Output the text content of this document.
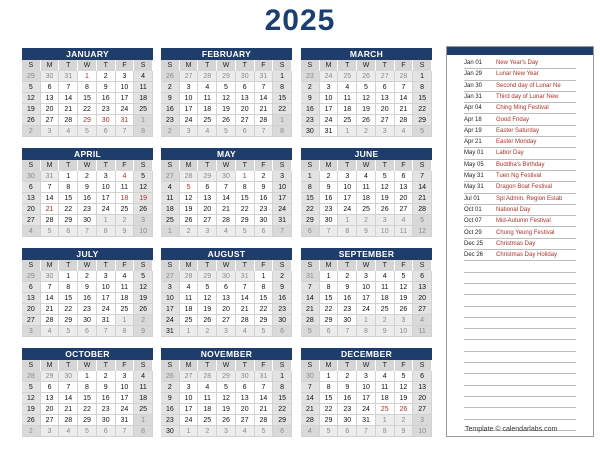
2025
JANUARY
S	M	T	W	T	F	S
29	30	31	1	2	3	4
5	6	7	8	9	10	11
12	13	14	15	16	17	18
19	20	21	22	23	24	25
26	27	28	29	30	31	1
2	3	4	5	6	7	8
FEBRUARY
S	M	T	W	T	F	S
26	27	28	29	30	31	1
2	3	4	5	6	7	8
9	10	11	12	13	14	15
16	17	18	19	20	21	22
23	24	25	26	27	28	1
2	3	4	5	6	7	8
MARCH
S	M	T	W	T	F	S
23	24	25	26	27	28	1
2	3	4	5	6	7	8
9	10	11	12	13	14	15
16	17	18	19	20	21	22
23	24	25	26	27	28	29
30	31	1	2	3	4	5
APRIL
S	M	T	W	T	F	S
30	31	1	2	3	4	5
6	7	8	9	10	11	12
13	14	15	16	17	18	19
20	21	22	23	24	25	26
27	28	29	30	1	2	3
4	5	6	7	8	9	10
MAY
S	M	T	W	T	F	S
27	28	29	30	1	2	3
4	5	6	7	8	9	10
11	12	13	14	15	16	17
18	19	20	21	22	23	24
25	26	27	28	29	30	31
1	2	3	4	5	6	7
JUNE
S	M	T	W	T	F	S
1	2	3	4	5	6	7
8	9	10	11	12	13	14
15	16	17	18	19	20	21
22	23	24	25	26	27	28
29	30	1	2	3	4	5
6	7	8	9	10	11	12
JULY
S	M	T	W	T	F	S
29	30	1	2	3	4	5
6	7	8	9	10	11	12
13	14	15	16	17	18	19
20	21	22	23	24	25	26
27	28	29	30	31	1	2
3	4	5	6	7	8	9
AUGUST
S	M	T	W	T	F	S
27	28	29	30	31	1	2
3	4	5	6	7	8	9
10	11	12	13	14	15	16
17	18	19	20	21	22	23
24	25	26	27	28	29	30
31	1	2	3	4	5	6
SEPTEMBER
S	M	T	W	T	F	S
31	1	2	3	4	5	6
7	8	9	10	11	12	13
14	15	16	17	18	19	20
21	22	23	24	25	26	27
28	29	30	1	2	3	4
5	6	7	8	9	10	11
OCTOBER
S	M	T	W	T	F	S
28	29	30	1	2	3	4
5	6	7	8	9	10	11
12	13	14	15	16	17	18
19	20	21	22	23	24	25
26	27	28	29	30	31	1
2	3	4	5	6	7	8
NOVEMBER
S	M	T	W	T	F	S
26	27	28	29	30	31	1
2	3	4	5	6	7	8
9	10	11	12	13	14	15
16	17	18	19	20	21	22
23	24	25	26	27	28	29
30	1	2	3	4	5	6
DECEMBER
S	M	T	W	T	F	S
30	1	2	3	4	5	6
7	8	9	10	11	12	13
14	15	16	17	18	19	20
21	22	23	24	25	26	27
28	29	30	31	1	2	3
4	5	6	7	8	9	10
Jan 01 New Year's Day
Jan 29 Lunar New Year
Jan 30 Second day of Lunar Ne
Jan 31 Third day of Lunar New
Apr 04 Ching Ming Festival
Apr 18 Good Friday
Apr 19 Easter Saturday
Apr 21 Easter Monday
May 01 Labor Day
May 05 Buddha's Birthday
May 31 Tuen Ng Festival
May 31 Dragon Boat Festival
Jul 01	Spl Admin. Region Estab
Oct 01 National Day
Oct 07 Mid-Autumn Festival
Oct 29 Chung Yeung Festival
Dec 25 Christmas Day
Dec 26 Christmas Day Holiday
Template © calendarlabs.com
